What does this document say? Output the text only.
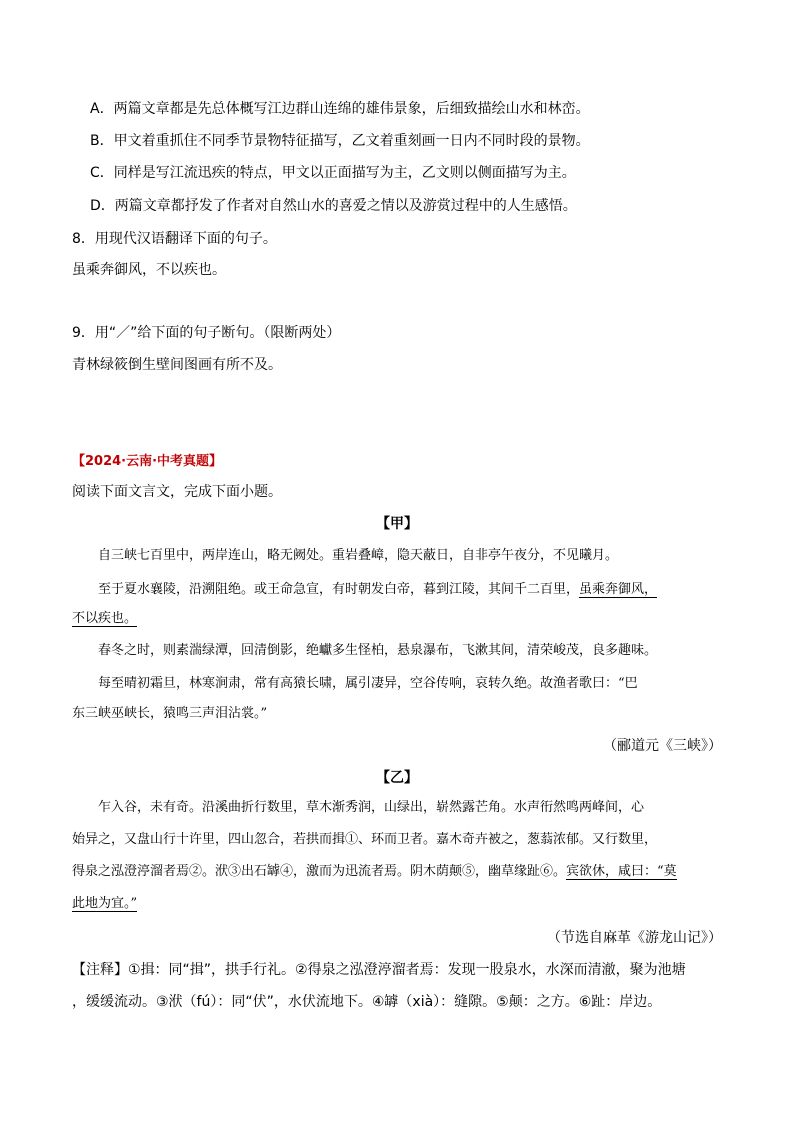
A．两篇文章都是先总体概写江边群山连绵的雄伟景象，后细致描绘山水和林峦。
B．甲文着重抓住不同季节景物特征描写，乙文着重刻画一日内不同时段的景物。
C．同样是写江流迅疾的特点，甲文以正面描写为主，乙文则以侧面描写为主。
D．两篇文章都抒发了作者对自然山水的喜爱之情以及游赏过程中的人生感悟。
8．用现代汉语翻译下面的句子。
虽乘奔御风，不以疾也。
9．用“／”给下面的句子断句。（限断两处）
青林绿筱倒生壁间图画有所不及。
【2024·云南·中考真题】
阅读下面文言文，完成下面小题。
【甲】
自三峡七百里中，两岸连山，略无阙处。重岩叠嶂，隐天蔽日，自非亭午夜分，不见曦月。
至于夏水襄陵，沿溯阻绝。或王命急宣，有时朝发白帝，暮到江陵，其间千二百里，虽乘奔御风，
不以疾也。
春冬之时，则素湍绿潭，回清倒影，绝巘多生怪柏，悬泉瀑布，飞漱其间，清荣峻茂，良多趣味。
每至晴初霜旦，林寒涧肃，常有高猿长啸，属引凄异，空谷传响，哀转久绝。故渔者歌曰：“巴
东三峡巫峡长，猿鸣三声泪沾裳。”
（郦道元《三峡》）
【乙】
乍入谷，未有奇。沿溪曲折行数里，草木渐秀润，山绿出，崭然露芒角。水声衎然鸣两峰间，心
始异之，又盘山行十许里，四山忽合，若拱而揖①、环而卫者。嘉木奇卉被之，葱蓊浓郁。又行数里，
得泉之泓澄渟溜者焉②。洑③出石罅④，激而为迅流者焉。阴木荫颠⑤，幽草缘趾⑥。宾欲休，咸曰：“莫
此地为宜。”
（节选自麻革《游龙山记》）
【注释】①揖：同“揖”，拱手行礼。②得泉之泓澄渟溜者焉：发现一股泉水，水深而清澈，聚为池塘
，缓缓流动。③洑（fú）：同“伏”，水伏流地下。④罅（xià）：缝隙。⑤颠：之方。⑥趾：岸边。
